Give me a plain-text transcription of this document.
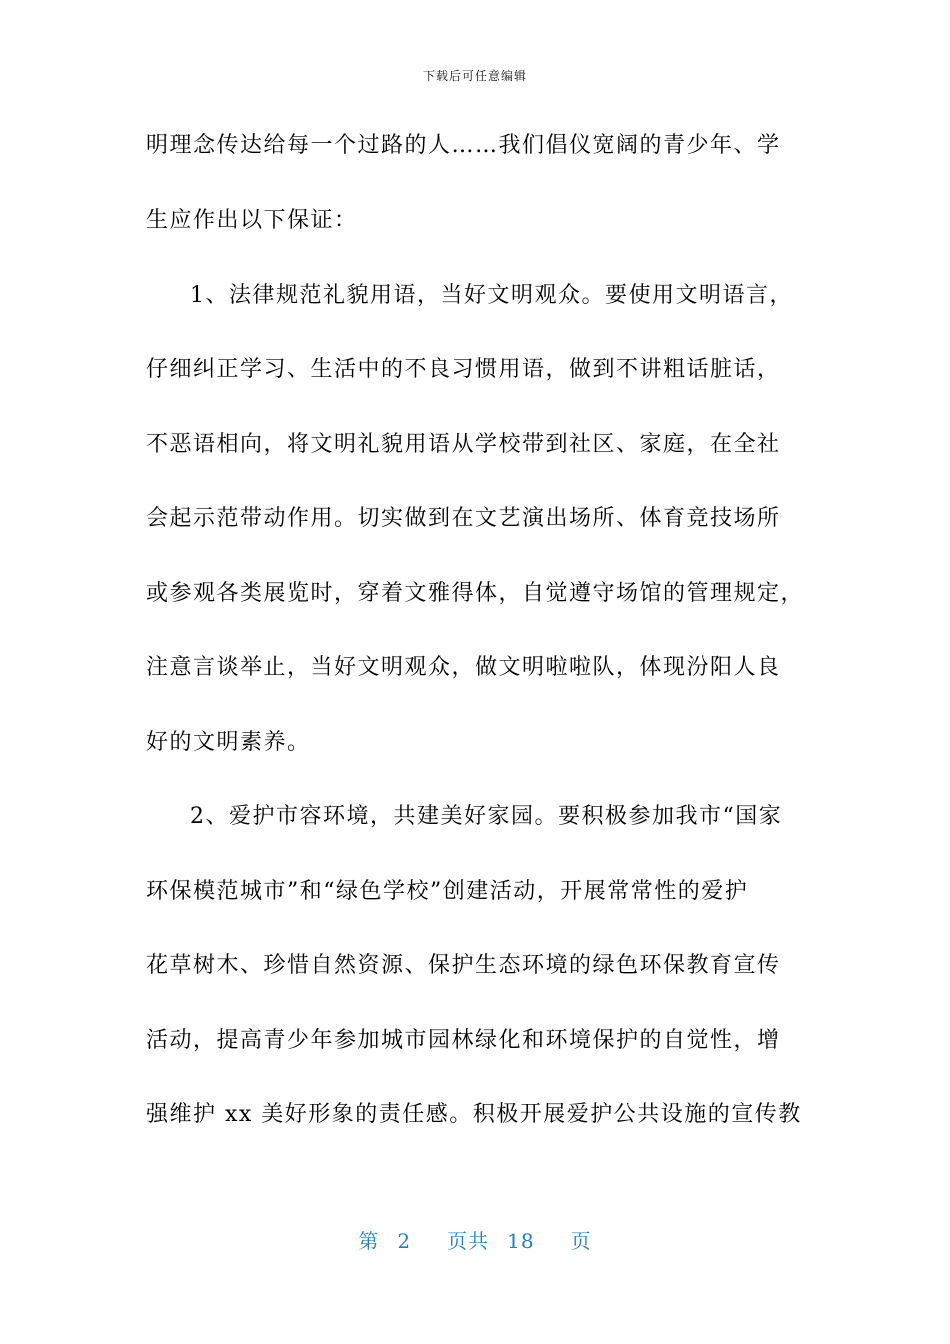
下载后可任意编辑
明理念传达给每一个过路的人……我们倡仪宽阔的青少年、学
生应作出以下保证：
1、法律规范礼貌用语，当好文明观众。要使用文明语言，
仔细纠正学习、生活中的不良习惯用语，做到不讲粗话脏话，
不恶语相向，将文明礼貌用语从学校带到社区、家庭，在全社
会起示范带动作用。切实做到在文艺演出场所、体育竞技场所
或参观各类展览时，穿着文雅得体，自觉遵守场馆的管理规定，
注意言谈举止，当好文明观众，做文明啦啦队，体现汾阳人良
好的文明素养。
2、爱护市容环境，共建美好家园。要积极参加我市“国家
环保模范城市”和“绿色学校”创建活动，开展常常性的爱护
花草树木、珍惜自然资源、保护生态环境的绿色环保教育宣传
活动，提高青少年参加城市园林绿化和环境保护的自觉性，增
强维护 xx 美好形象的责任感。积极开展爱护公共设施的宣传教
第 2 页共 18 页
